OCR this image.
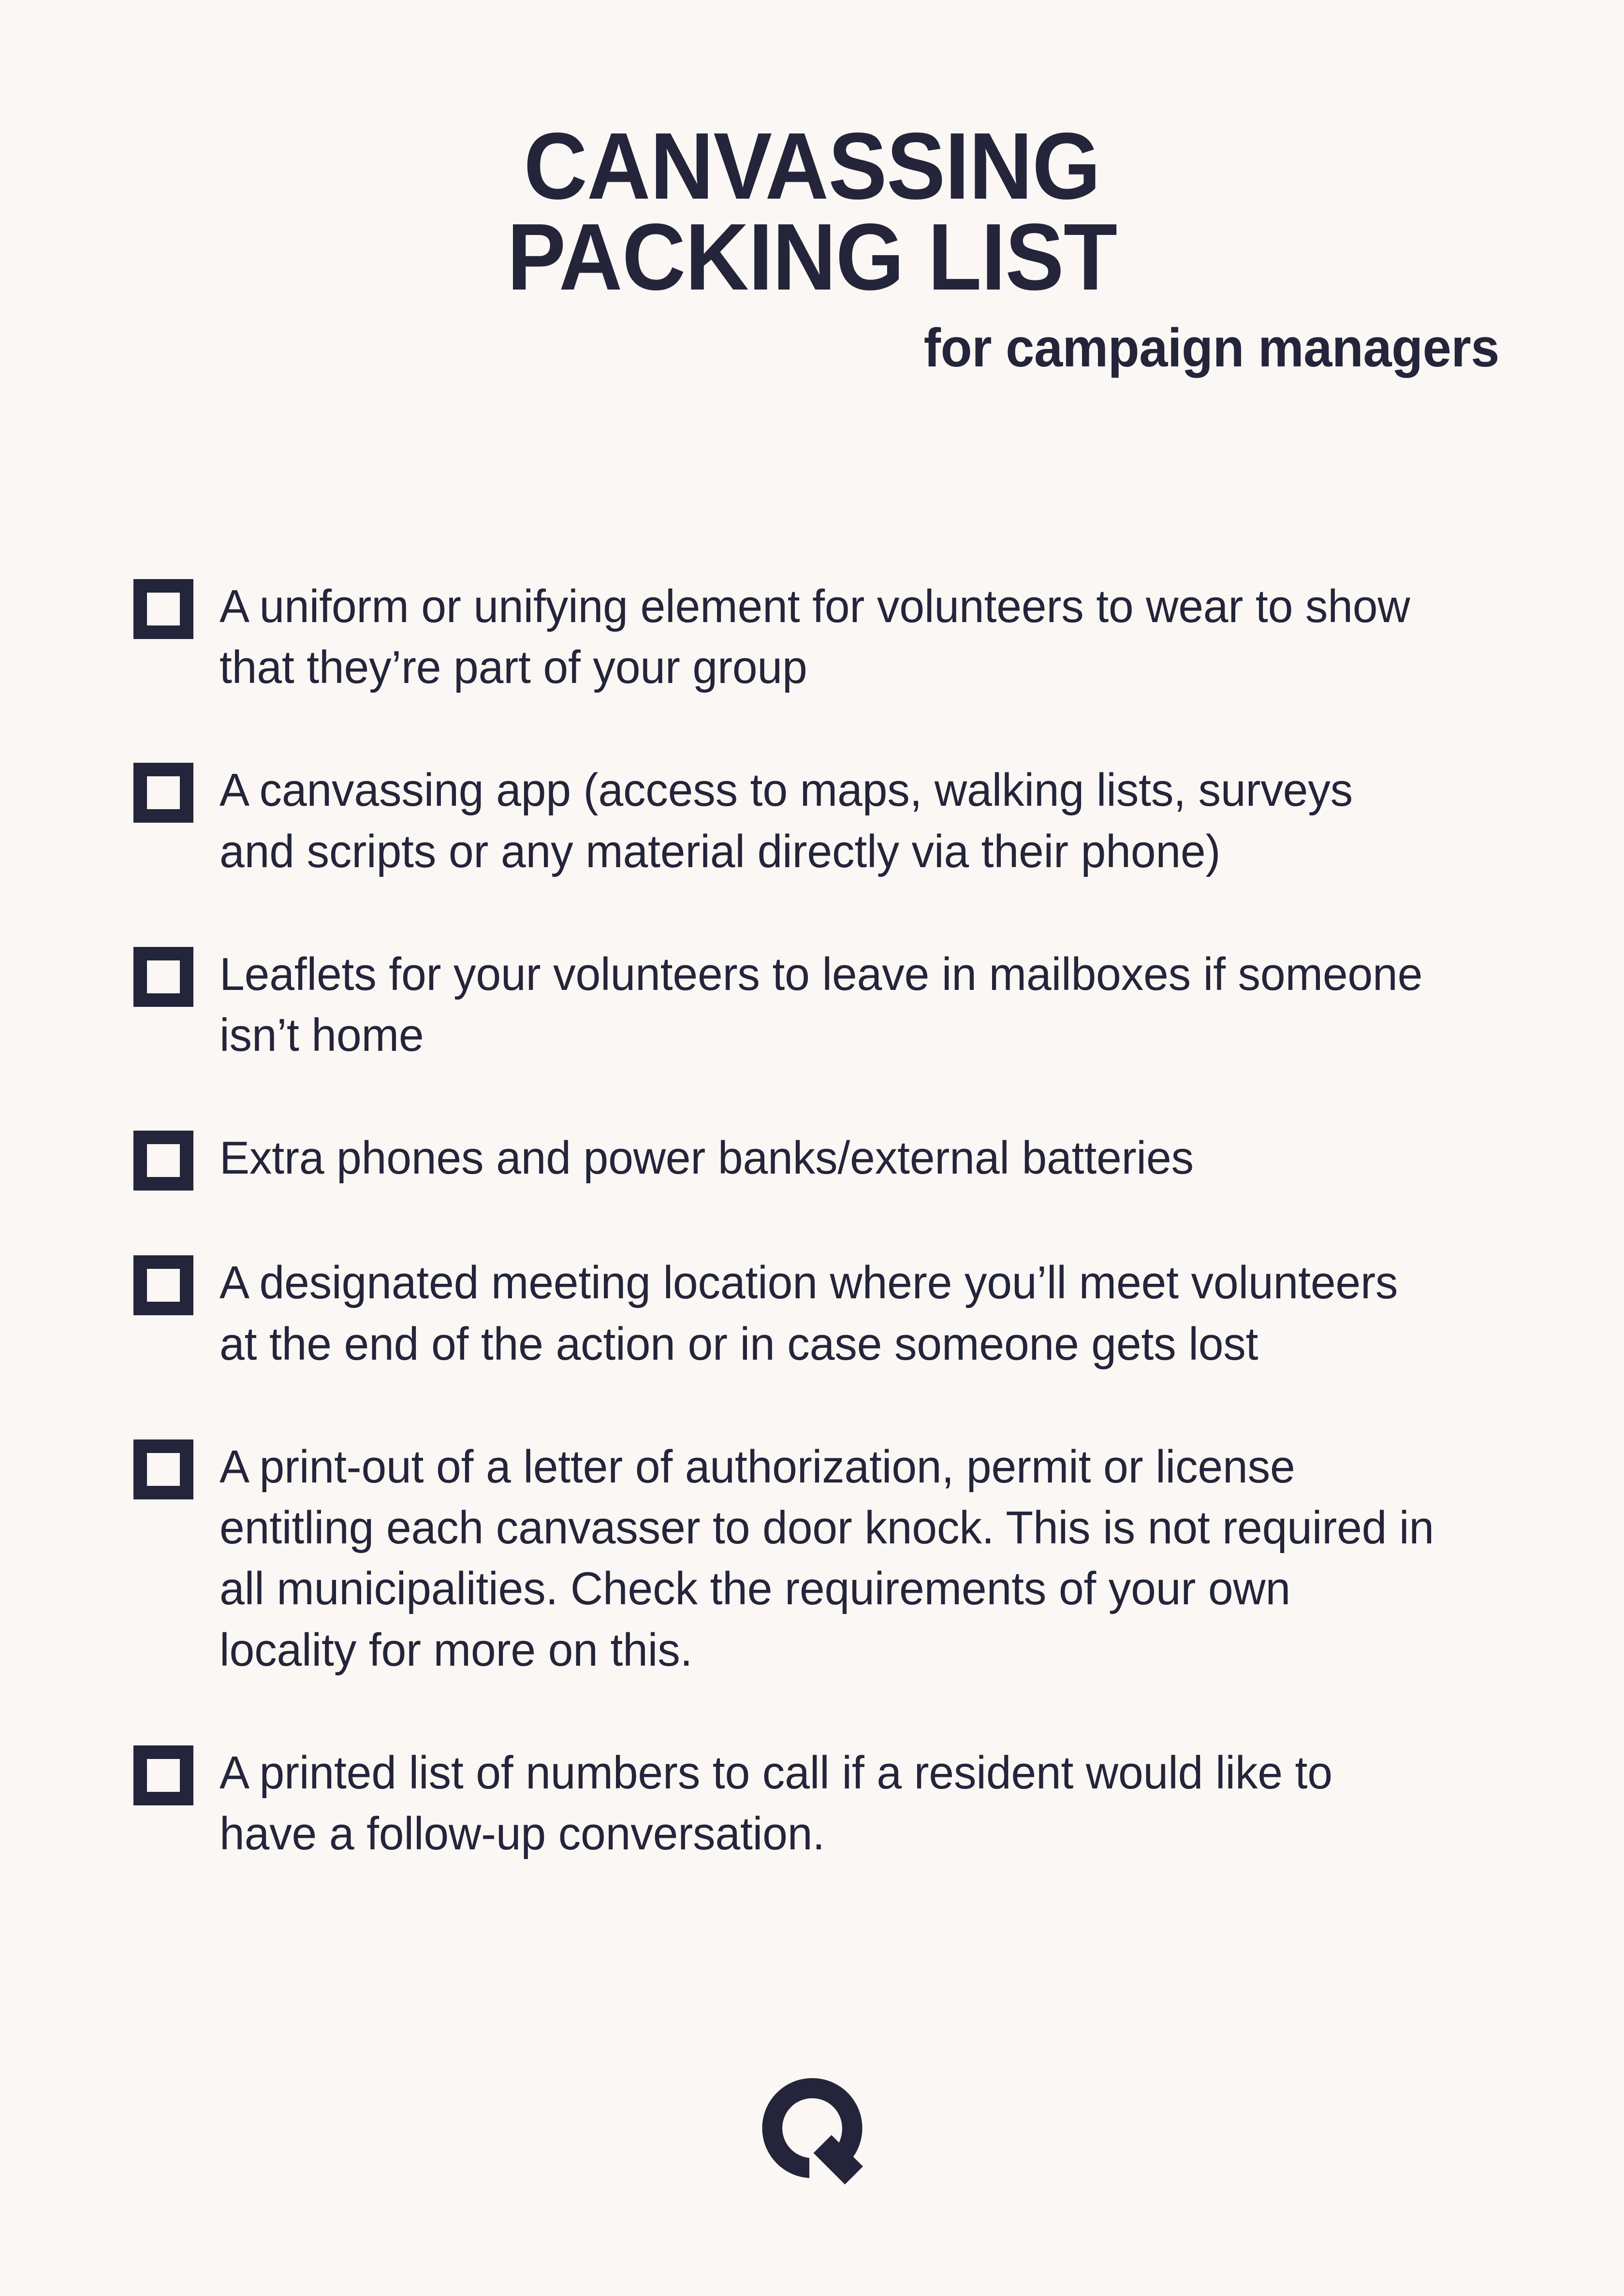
CANVASSING
PACKING LIST
for campaign managers
A uniform or unifying element for volunteers to wear to show that they’re part of your group
A canvassing app (access to maps, walking lists, surveys and scripts or any material directly via their phone)
Leaflets for your volunteers to leave in mailboxes if someone isn’t home
Extra phones and power banks/external batteries
A designated meeting location where you’ll meet volunteers at the end of the action or in case someone gets lost
A print-out of a letter of authorization, permit or license entitling each canvasser to door knock. This is not required in all municipalities. Check the requirements of your own locality for more on this.
A printed list of numbers to call if a resident would like to have a follow-up conversation.
